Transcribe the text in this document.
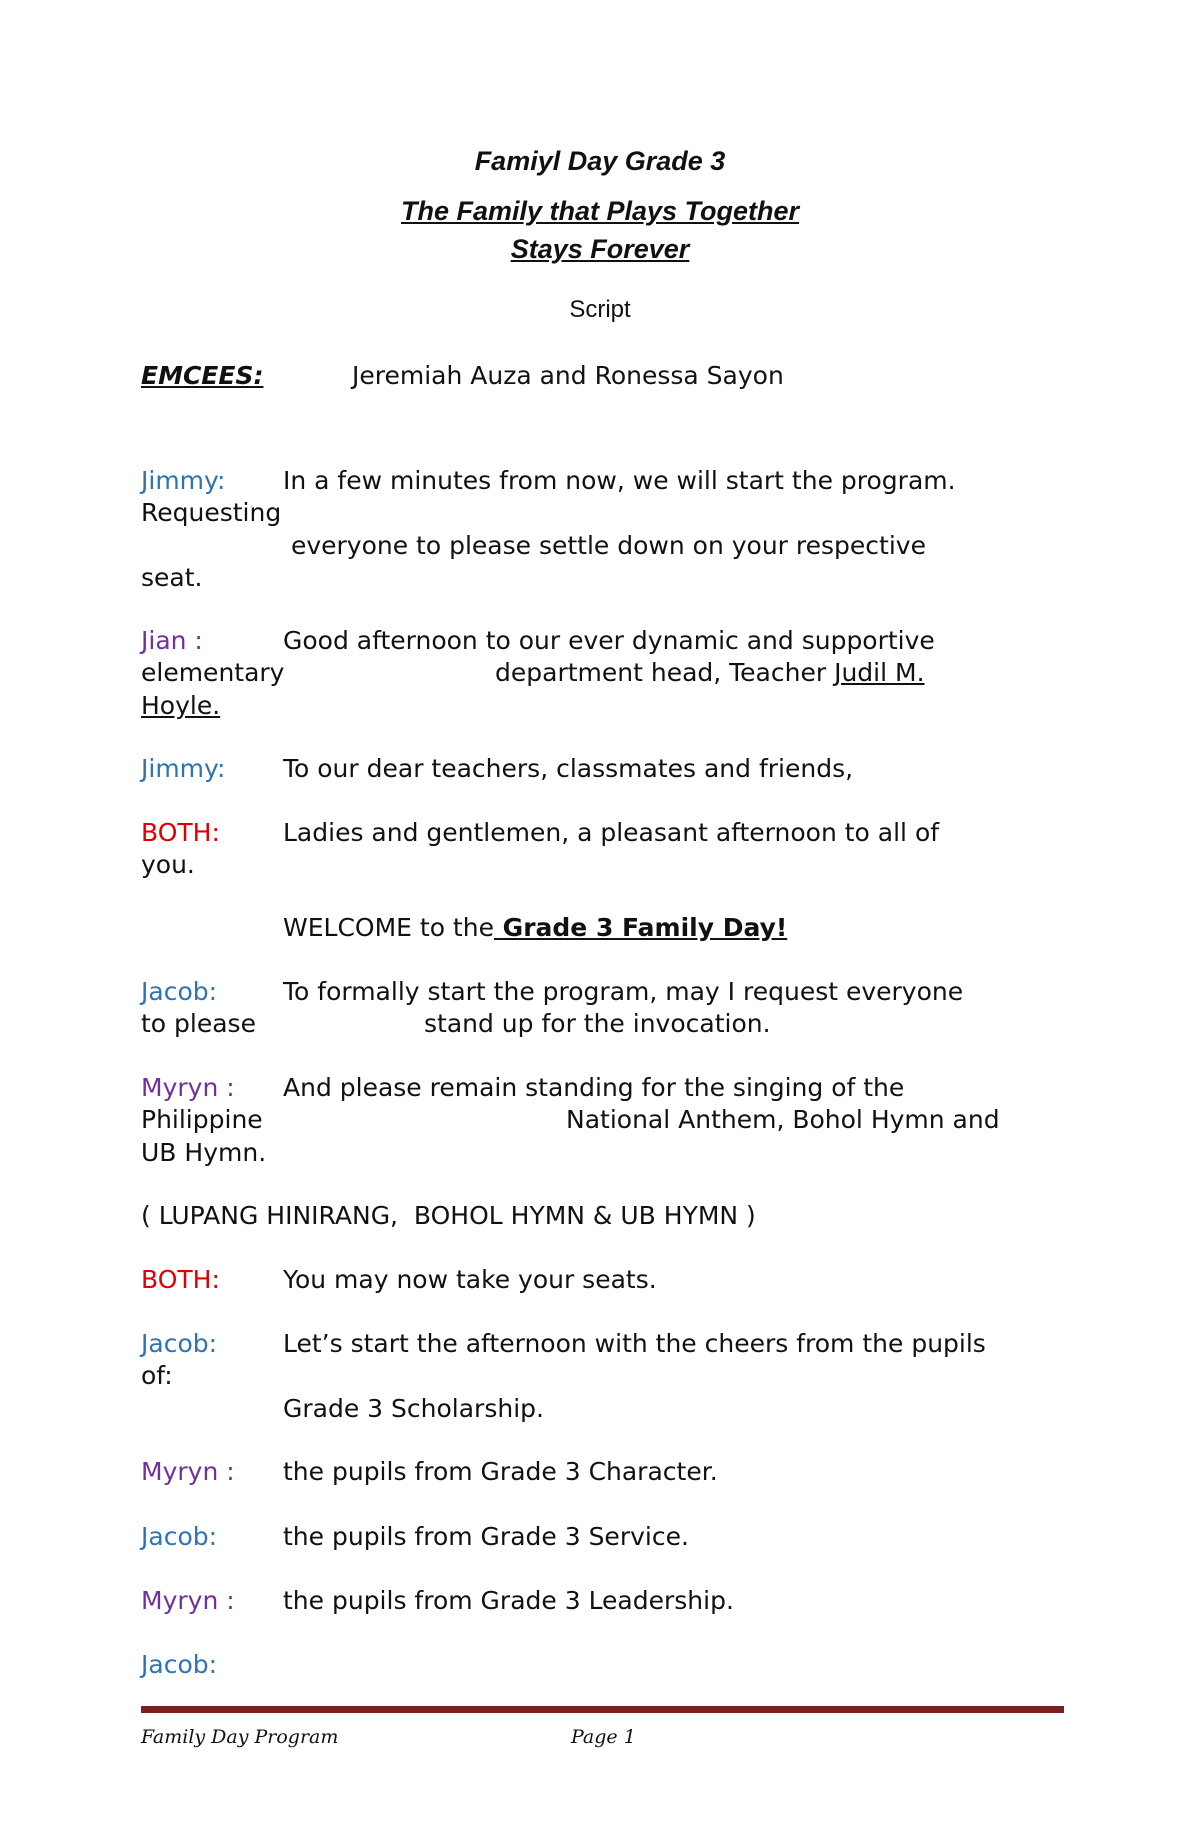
Famiyl Day Grade 3
The Family that Plays Together
Stays Forever
Script
EMCEES:	Jeremiah Auza and Ronessa Sayon
Jimmy: In a few minutes from now, we will start the program.
Requesting
everyone to please settle down on your respective
seat.
Jian :	Good afternoon to our ever dynamic and supportive
elementary	department head, Teacher Judil M.
Hoyle.
Jimmy: To our dear teachers, classmates and friends,
BOTH:	Ladies and gentlemen, a pleasant afternoon to all of
you.
WELCOME to the Grade 3 Family Day!
Jacob:	To formally start the program, may I request everyone
to please	stand up for the invocation.
Myryn : And please remain standing for the singing of the
Philippine	National Anthem, Bohol Hymn and
UB Hymn.
( LUPANG HINIRANG,  BOHOL HYMN & UB HYMN )
BOTH:	You may now take your seats.
Jacob:	Let’s start the afternoon with the cheers from the pupils
of:
Grade 3 Scholarship.
Myryn : the pupils from Grade 3 Character.
Jacob:	the pupils from Grade 3 Service.
Myryn : the pupils from Grade 3 Leadership.
Jacob:
Family Day Program	Page 1
